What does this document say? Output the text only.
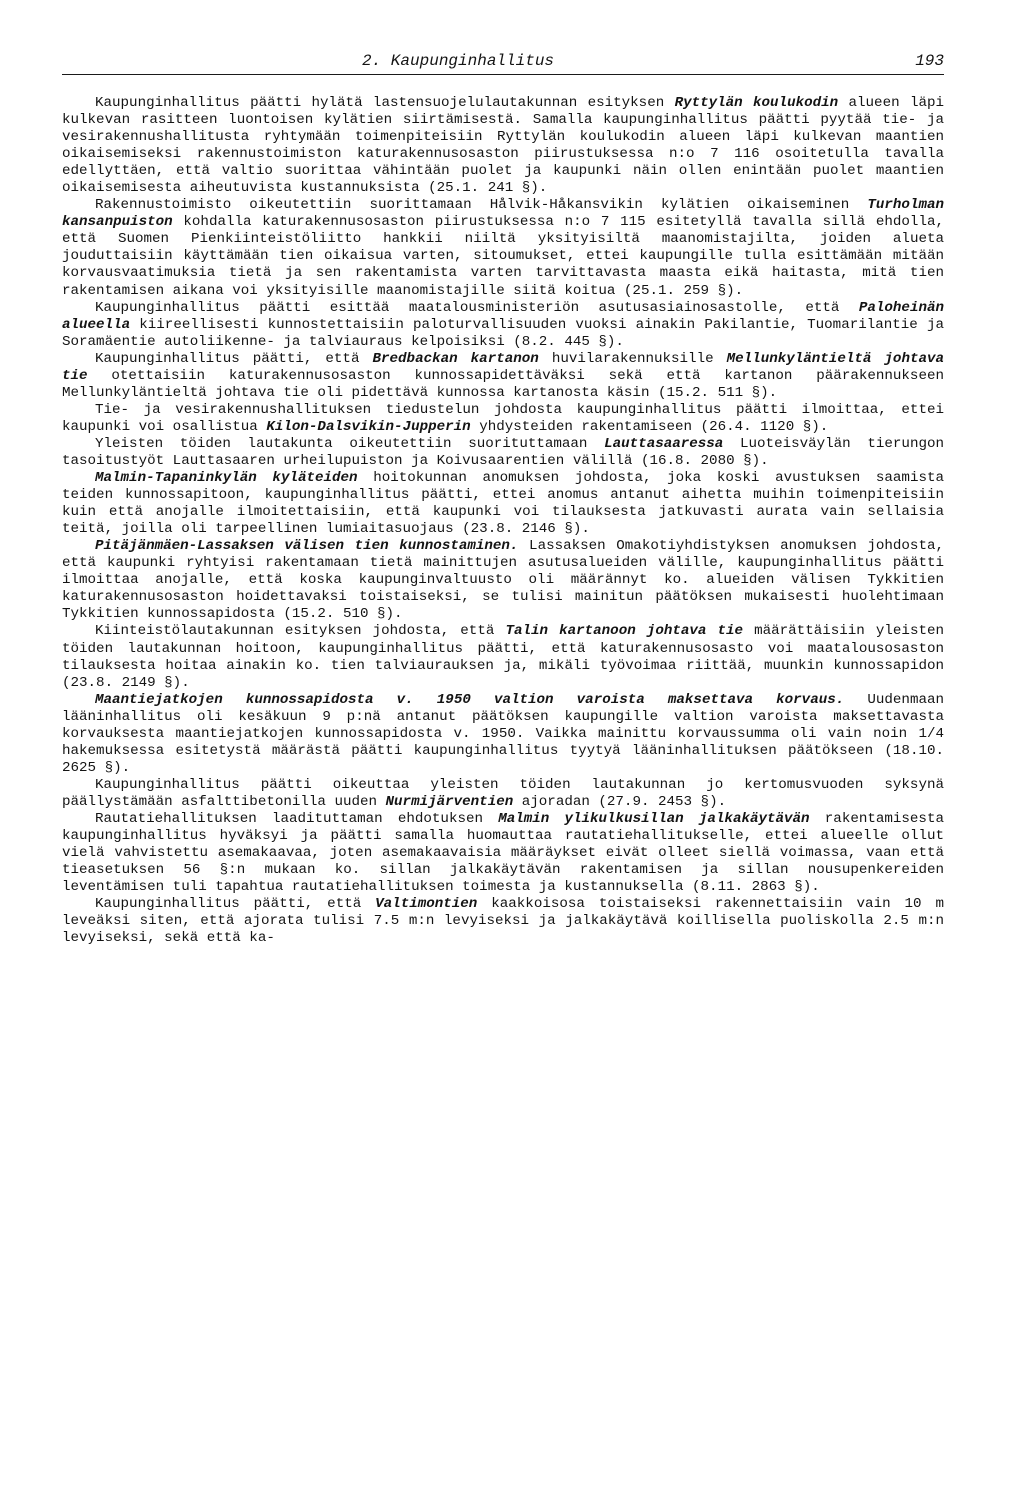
2. Kaupunginhallitus	193

Kaupunginhallitus päätti hylätä lastensuojelulautakunnan esityksen Ryttylän koulukodin alueen läpi kulkevan rasitteen luontoisen kylätien siirtämisestä. Samalla kaupunginhallitus päätti pyytää tie- ja vesirakennushallitusta ryhtymään toimenpiteisiin Ryttylän koulukodin alueen läpi kulkevan maantien oikaisemiseksi rakennustoimiston katurakennusosaston piirustuksessa n:o 7 116 osoitetulla tavalla edellyttäen, että valtio suorittaa vähintään puolet ja kaupunki näin ollen enintään puolet maantien oikaisemisesta aiheutuvista kustannuksista (25.1. 241 §).

Rakennustoimisto oikeutettiin suorittamaan Hålvik-Håkansvikin kylätien oikaiseminen Turholman kansanpuiston kohdalla katurakennusosaston piirustuksessa n:o 7 115 esitetyllä tavalla sillä ehdolla, että Suomen Pienkiinteistöliitto hankkii niiltä yksityisiltä maanomistajilta, joiden alueta jouduttaisiin käyttämään tien oikaisua varten, sitoumukset, ettei kaupungille tulla esittämään mitään korvausvaatimuksia tietä ja sen rakentamista varten tarvittavasta maasta eikä haitasta, mitä tien rakentamisen aikana voi yksityisille maanomistajille siitä koitua (25.1. 259 §).

Kaupunginhallitus päätti esittää maatalousministeriön asutusasiainosastolle, että Paloheinän alueella kiireellisesti kunnostettaisiin paloturvallisuuden vuoksi ainakin Pakilantie, Tuomarilantie ja Soramäentie autoliikenne- ja talviauraus kelpoisiksi (8.2. 445 §).

Kaupunginhallitus päätti, että Bredbackan kartanon huvilarakennuksille Mellunkyläntieltä johtava tie otettaisiin katurakennusosaston kunnossapidettäväksi sekä että kartanon päärakennukseen Mellunkyläntieltä johtava tie oli pidettävä kunnossa kartanosta käsin (15.2. 511 §).

Tie- ja vesirakennushallituksen tiedustelun johdosta kaupunginhallitus päätti ilmoittaa, ettei kaupunki voi osallistua Kilon-Dalsvikin-Jupperin yhdysteiden rakentamiseen (26.4. 1120 §).

Yleisten töiden lautakunta oikeutettiin suorituttamaan Lauttasaaressa Luoteisväylän tierungon tasoitustyöt Lauttasaaren urheilupuiston ja Koivusaarentien välillä (16.8. 2080 §).

Malmin-Tapaninkylän kyläteiden hoitokunnan anomuksen johdosta, joka koski avustuksen saamista teiden kunnossapitoon, kaupunginhallitus päätti, ettei anomus antanut aihetta muihin toimenpiteisiin kuin että anojalle ilmoitettaisiin, että kaupunki voi tilauksesta jatkuvasti aurata vain sellaisia teitä, joilla oli tarpeellinen lumiaitasuojaus (23.8. 2146 §).

Pitäjänmäen-Lassaksen välisen tien kunnostaminen. Lassaksen Omakotiyhdistyksen anomuksen johdosta, että kaupunki ryhtyisi rakentamaan tietä mainittujen asutusalueiden välille, kaupunginhallitus päätti ilmoittaa anojalle, että koska kaupunginvaltuusto oli määrännyt ko. alueiden välisen Tykkitien katurakennusosaston hoidettavaksi toistaiseksi, se tulisi mainitun päätöksen mukaisesti huolehtimaan Tykkitien kunnossapidosta (15.2. 510 §).

Kiinteistölautakunnan esityksen johdosta, että Talin kartanoon johtava tie määrättäisiin yleisten töiden lautakunnan hoitoon, kaupunginhallitus päätti, että katurakennusosasto voi maatalousosaston tilauksesta hoitaa ainakin ko. tien talviaurauksen ja, mikäli työvoimaa riittää, muunkin kunnossapidon (23.8. 2149 §).

Maantiejatkojen kunnossapidosta v. 1950 valtion varoista maksettava korvaus. Uudenmaan lääninhallitus oli kesäkuun 9 p:nä antanut päätöksen kaupungille valtion varoista maksettavasta korvauksesta maantiejatkojen kunnossapidosta v. 1950. Vaikka mainittu korvaussumma oli vain noin 1/4 hakemuksessa esitetystä määrästä päätti kaupunginhallitus tyytyä lääninhallituksen päätökseen (18.10. 2625 §).

Kaupunginhallitus päätti oikeuttaa yleisten töiden lautakunnan jo kertomusvuoden syksynä päällystämään asfalttibetonilla uuden Nurmijärventien ajoradan (27.9. 2453 §).

Rautatiehallituksen laadituttaman ehdotuksen Malmin ylikulkusillan jalkakäytävän rakentamisesta kaupunginhallitus hyväksyi ja päätti samalla huomauttaa rautatiehallitukselle, ettei alueelle ollut vielä vahvistettu asemakaavaa, joten asemakaavaisia määräykset eivät olleet siellä voimassa, vaan että tieasetuksen 56 §:n mukaan ko. sillan jalkakäytävän rakentamisen ja sillan nousupenkereiden leventämisen tuli tapahtua rautatiehallituksen toimesta ja kustannuksella (8.11. 2863 §).

Kaupunginhallitus päätti, että Valtimontien kaakkoisosa toistaiseksi rakennettaisiin vain 10 m leveäksi siten, että ajorata tulisi 7.5 m:n levyiseksi ja jalkakäytävä koillisella puoliskolla 2.5 m:n levyiseksi, sekä että ka-
